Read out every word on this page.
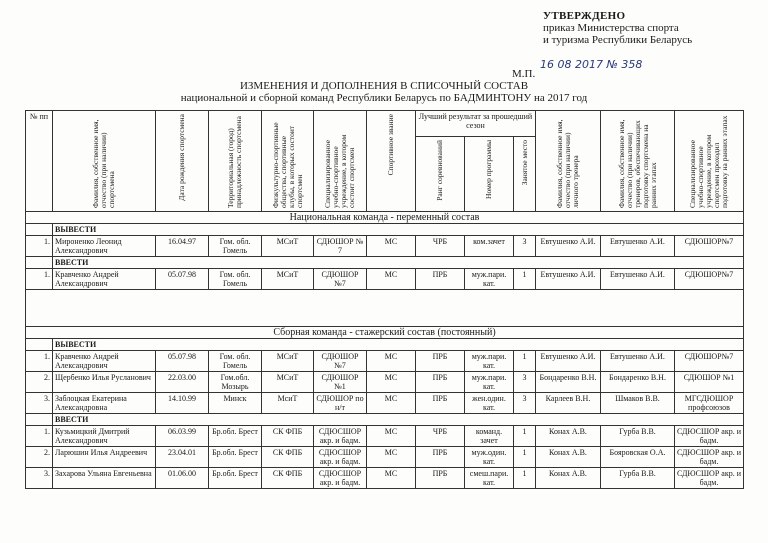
УТВЕРЖДЕНО
приказ Министерства спорта
и туризма Республики Беларусь
16 08 2017 № 358
М.П.
ИЗМЕНЕНИЯ И ДОПОЛНЕНИЯ В СПИСОЧНЫЙ СОСТАВ
национальной и сборной команд Республики Беларусь по БАДМИНТОНУ на 2017 год
№ пп	Фамилия, собственное имя, отчество (при наличии) спортсмена	Дата рождения спортсмена	Территориальная (город) принадлежность спортсмена	Физкультурно-спортивные общества, спортивные клубы, в которых состоит спортсмен	Специализированное учебно-спортивное учреждение, в котором состоит спортсмен	Спортивное звание	Лучший результат за прошедший сезон			Фамилия, собственное имя, отчество (при наличии) личного тренера	Фамилия, собственное имя, отчество (при наличии) тренеров, обеспечивающих подготовку спортсмена на ранних этапах	Специализированное учебно-спортивное учреждение, в котором спортсмен проходил подготовку на ранних этапах

							Ранг соревнований	Номер программы	Занятое место			

Национальная команда - переменный состав												
	ВЫВЕСТИ											
1.	Мироненко Леонид Александрович	16.04.97	Гом. обл. Гомель	МСиТ	СДЮШОР № 7	МС	ЧРБ	ком.зачет	3	Евтушенко А.И.	Евтушенко А.И.	СДЮШОР№7
	ВВЕСТИ											
1.	Кравченко Андрей Александрович	05.07.98	Гом. обл. Гомель	МСиТ	СДЮШОР №7	МС	ПРБ	муж.пари. кат.	1	Евтушенко А.И.	Евтушенко А.И.	СДЮШОР№7

Сборная команда - стажерский состав (постоянный)												
	ВЫВЕСТИ											
1.	Кравченко Андрей Александрович	05.07.98	Гом. обл. Гомель	МСиТ	СДЮШОР №7	МС	ПРБ	муж.пари. кат.	1	Евтушенко А.И.	Евтушенко А.И.	СДЮШОР№7
2.	Щербенко Илья Русланович	22.03.00	Гом.обл. Мозырь	МСиТ	СДЮШОР №1	МС	ПРБ	муж.пари. кат.	3	Бондаренко В.Н.	Бондаренко В.Н.	СДЮШОР №1
3.	Заблоцкая Екатерина Александровна	14.10.99	Минск	МсиТ	СДЮШОР по н/т	МС	ПРБ	жен.один. кат.	3	Карлеев В.Н.	Шмаков В.В.	МГСДЮШОР профсоюзов
	ВВЕСТИ											
1.	Кузьмицкий Дмитрий Александрович	06.03.99	Бр.обл. Брест	СК ФПБ	СДЮСШОР акр. и бадм.	МС	ЧРБ	команд. зачет	1	Конах А.В.	Гурба В.В.	СДЮСШОР акр. и бадм.
2.	Ларюшин Илья Андреевич	23.04.01	Бр.обл. Брест	СК ФПБ	СДЮСШОР акр. и бадм.	МС	ПРБ	муж.один. кат.	1	Конах А.В.	Бояровская О.А.	СДЮСШОР акр. и бадм.
3.	Захарова Ульяна Евгеньевна	01.06.00	Бр.обл. Брест	СК ФПБ	СДЮСШОР акр. и бадм.	МС	ПРБ	смеш.пари. кат.	1	Конах А.В.	Гурба В.В.	СДЮСШОР акр. и бадм.
